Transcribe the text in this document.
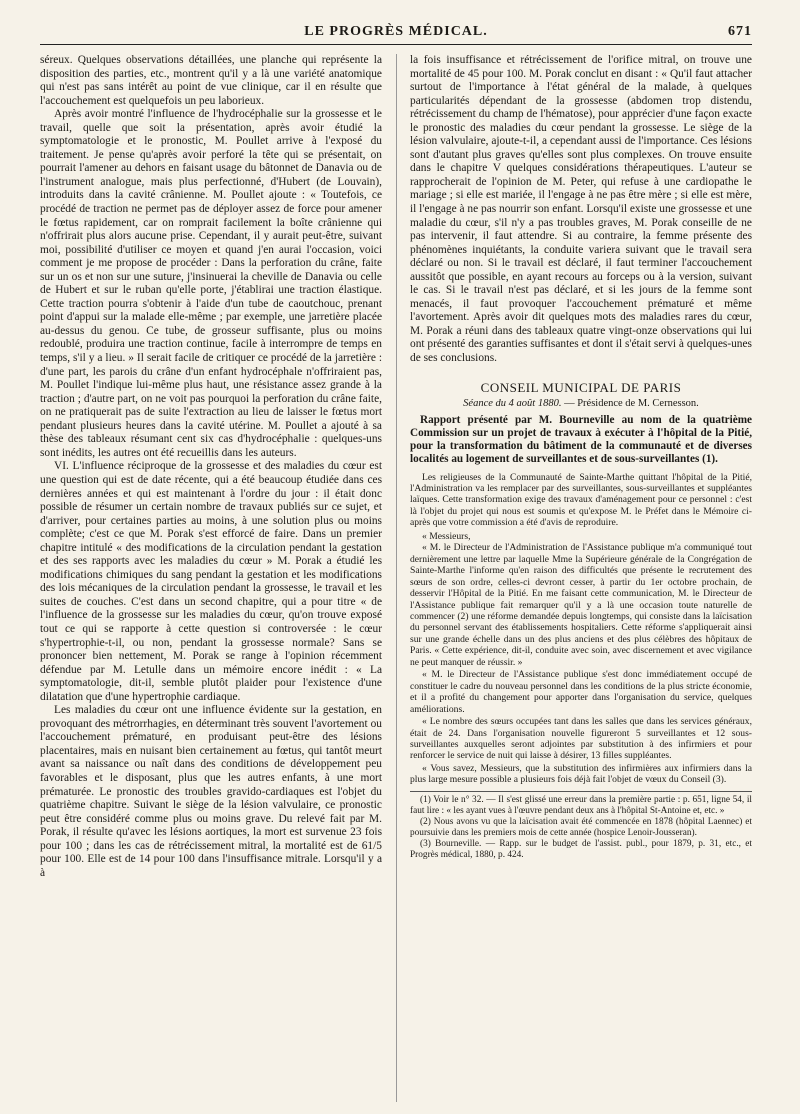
LE PROGRÈS MÉDICAL.	671

séreux. Quelques observations détaillées, une planche qui représente la disposition des parties, etc., montrent qu'il y a là une variété anatomique qui n'est pas sans intérêt au point de vue clinique, car il en résulte que l'accouchement est quelquefois un peu laborieux.

Après avoir montré l'influence de l'hydrocéphalie sur la grossesse et le travail, quelle que soit la présentation, après avoir étudié la symptomatologie et le pronostic, M. Poullet arrive à l'exposé du traitement. Je pense qu'après avoir perforé la tête qui se présentait, on pourrait l'amener au dehors en faisant usage du bâtonnet de Danavia ou de l'instrument analogue, mais plus perfectionné, d'Hubert (de Louvain), introduits dans la cavité crânienne. M. Poullet ajoute : « Toutefois, ce procédé de traction ne permet pas de déployer assez de force pour amener le fœtus rapidement, car on romprait facilement la boîte crânienne qui n'offrirait plus alors aucune prise. Cependant, il y aurait peut-être, suivant moi, possibilité d'utiliser ce moyen et quand j'en aurai l'occasion, voici comment je me propose de procéder : Dans la perforation du crâne, faite sur un os et non sur une suture, j'insinuerai la cheville de Danavia ou celle de Hubert et sur le ruban qu'elle porte, j'établirai une traction élastique. Cette traction pourra s'obtenir à l'aide d'un tube de caoutchouc, prenant point d'appui sur la malade elle-même ; par exemple, une jarretière placée au-dessus du genou. Ce tube, de grosseur suffisante, plus ou moins redoublé, produira une traction continue, facile à interrompre de temps en temps, s'il y a lieu. » Il serait facile de critiquer ce procédé de la jarretière : d'une part, les parois du crâne d'un enfant hydrocéphale n'offriraient pas, M. Poullet l'indique lui-même plus haut, une résistance assez grande à la traction ; d'autre part, on ne voit pas pourquoi la perforation du crâne faite, on ne pratiquerait pas de suite l'extraction au lieu de laisser le fœtus mort pendant plusieurs heures dans la cavité utérine. M. Poullet a ajouté à sa thèse des tableaux résumant cent six cas d'hydrocéphalie : quelques-uns sont inédits, les autres ont été recueillis dans les auteurs.

VI. L'influence réciproque de la grossesse et des maladies du cœur est une question qui est de date récente, qui a été beaucoup étudiée dans ces dernières années et qui est maintenant à l'ordre du jour : il était donc possible de résumer un certain nombre de travaux publiés sur ce sujet, et d'arriver, pour certaines parties au moins, à une solution plus ou moins complète; c'est ce que M. Porak s'est efforcé de faire. Dans un premier chapitre intitulé « des modifications de la circulation pendant la gestation et des ses rapports avec les maladies du cœur » M. Porak a étudié les modifications chimiques du sang pendant la gestation et les modifications des lois mécaniques de la circulation pendant la grossesse, le travail et les suites de couches. C'est dans un second chapitre, qui a pour titre « de l'influence de la grossesse sur les maladies du cœur, qu'on trouve exposé tout ce qui se rapporte à cette question si controversée : le cœur s'hypertrophie-t-il, ou non, pendant la grossesse normale? Sans se prononcer bien nettement, M. Porak se range à l'opinion récemment défendue par M. Letulle dans un mémoire encore inédit : « La symptomatologie, dit-il, semble plutôt plaider pour l'existence d'une dilatation que d'une hypertrophie cardiaque.

Les maladies du cœur ont une influence évidente sur la gestation, en provoquant des métrorrhagies, en déterminant très souvent l'avortement ou l'accouchement prématuré, en produisant peut-être des lésions placentaires, mais en nuisant bien certainement au fœtus, qui tantôt meurt avant sa naissance ou naît dans des conditions de développement peu favorables et le disposant, plus que les autres enfants, à une mort prématurée. Le pronostic des troubles gravido-cardiaques est l'objet du quatrième chapitre. Suivant le siège de la lésion valvulaire, ce pronostic peut être considéré comme plus ou moins grave. Du relevé fait par M. Porak, il résulte qu'avec les lésions aortiques, la mort est survenue 23 fois pour 100 ; dans les cas de rétrécissement mitral, la mortalité est de 61/5 pour 100. Elle est de 14 pour 100 dans l'insuffisance mitrale. Lorsqu'il y a à

la fois insuffisance et rétrécissement de l'orifice mitral, on trouve une mortalité de 45 pour 100. M. Porak conclut en disant : « Qu'il faut attacher surtout de l'importance à l'état général de la malade, à quelques particularités dépendant de la grossesse (abdomen trop distendu, rétrécissement du champ de l'hématose), pour apprécier d'une façon exacte le pronostic des maladies du cœur pendant la grossesse. Le siège de la lésion valvulaire, ajoute-t-il, a cependant aussi de l'importance. Ces lésions sont d'autant plus graves qu'elles sont plus complexes. On trouve ensuite dans le chapitre V quelques considérations thérapeutiques. L'auteur se rapprocherait de l'opinion de M. Peter, qui refuse à une cardiopathe le mariage ; si elle est mariée, il l'engage à ne pas être mère ; si elle est mère, il l'engage à ne pas nourrir son enfant. Lorsqu'il existe une grossesse et une maladie du cœur, s'il n'y a pas troubles graves, M. Porak conseille de ne pas intervenir, il faut attendre. Si au contraire, la femme présente des phénomènes inquiétants, la conduite variera suivant que le travail sera déclaré ou non. Si le travail est déclaré, il faut terminer l'accouchement aussitôt que possible, en ayant recours au forceps ou à la version, suivant le cas. Si le travail n'est pas déclaré, et si les jours de la femme sont menacés, il faut provoquer l'accouchement prématuré et même l'avortement. Après avoir dit quelques mots des maladies rares du cœur, M. Porak a réuni dans des tableaux quatre vingt-onze observations qui lui ont présenté des garanties suffisantes et dont il s'était servi à quelques-unes de ses conclusions.

CONSEIL MUNICIPAL DE PARIS
Séance du 4 août 1880. — Présidence de M. Cernesson.

Rapport présenté par M. Bourneville au nom de la quatrième Commission sur un projet de travaux à exécuter à l'hôpital de la Pitié, pour la transformation du bâtiment de la communauté et de diverses localités au logement de surveillantes et de sous-surveillantes (1).

Les religieuses de la Communauté de Sainte-Marthe quittant l'hôpital de la Pitié, l'Administration va les remplacer par des surveillantes, sous-surveillantes et suppléantes laïques. Cette transformation exige des travaux d'aménagement pour ce personnel : c'est là l'objet du projet qui nous est soumis et qu'expose M. le Préfet dans le Mémoire ci-après que votre commission a été d'avis de reproduire.

« Messieurs,

« M. le Directeur de l'Administration de l'Assistance publique m'a communiqué tout dernièrement une lettre par laquelle Mme la Supérieure générale de la Congrégation de Sainte-Marthe l'informe qu'en raison des difficultés que présente le recrutement des sœurs de son ordre, celles-ci devront cesser, à partir du 1er octobre prochain, de desservir l'Hôpital de la Pitié. En me faisant cette communication, M. le Directeur de l'Assistance publique fait remarquer qu'il y a là une occasion toute naturelle de commencer (2) une réforme demandée depuis longtemps, qui consiste dans la laïcisation du personnel servant des établissements hospitaliers. Cette réforme s'appliquerait ainsi sur une grande échelle dans un des plus anciens et des plus célèbres des hôpitaux de Paris. « Cette expérience, dit-il, conduite avec soin, avec discernement et avec vigilance ne peut manquer de réussir. »

« M. le Directeur de l'Assistance publique s'est donc immédiatement occupé de constituer le cadre du nouveau personnel dans les conditions de la plus stricte économie, et il a profité du changement pour apporter dans l'organisation du service, quelques améliorations.

« Le nombre des sœurs occupées tant dans les salles que dans les services généraux, était de 24. Dans l'organisation nouvelle figureront 5 surveillantes et 12 sous-surveillantes auxquelles seront adjointes par substitution à des infirmiers et pour renforcer le service de nuit qui laisse à désirer, 13 filles suppléantes.

« Vous savez, Messieurs, que la substitution des infirmières aux infirmiers dans la plus large mesure possible a plusieurs fois déjà fait l'objet de vœux du Conseil (3).

(1) Voir le n° 32. — Il s'est glissé une erreur dans la première partie : p. 651, ligne 54, il faut lire : « les ayant vues à l'œuvre pendant deux ans à l'hôpital St-Antoine et, etc. »

(2) Nous avons vu que la laïcisation avait été commencée en 1878 (hôpital Laennec) et poursuivie dans les premiers mois de cette année (hospice Lenoir-Jousseran).

(3) Bourneville. — Rapp. sur le budget de l'assist. publ., pour 1879, p. 31, etc., et Progrès médical, 1880, p. 424.
